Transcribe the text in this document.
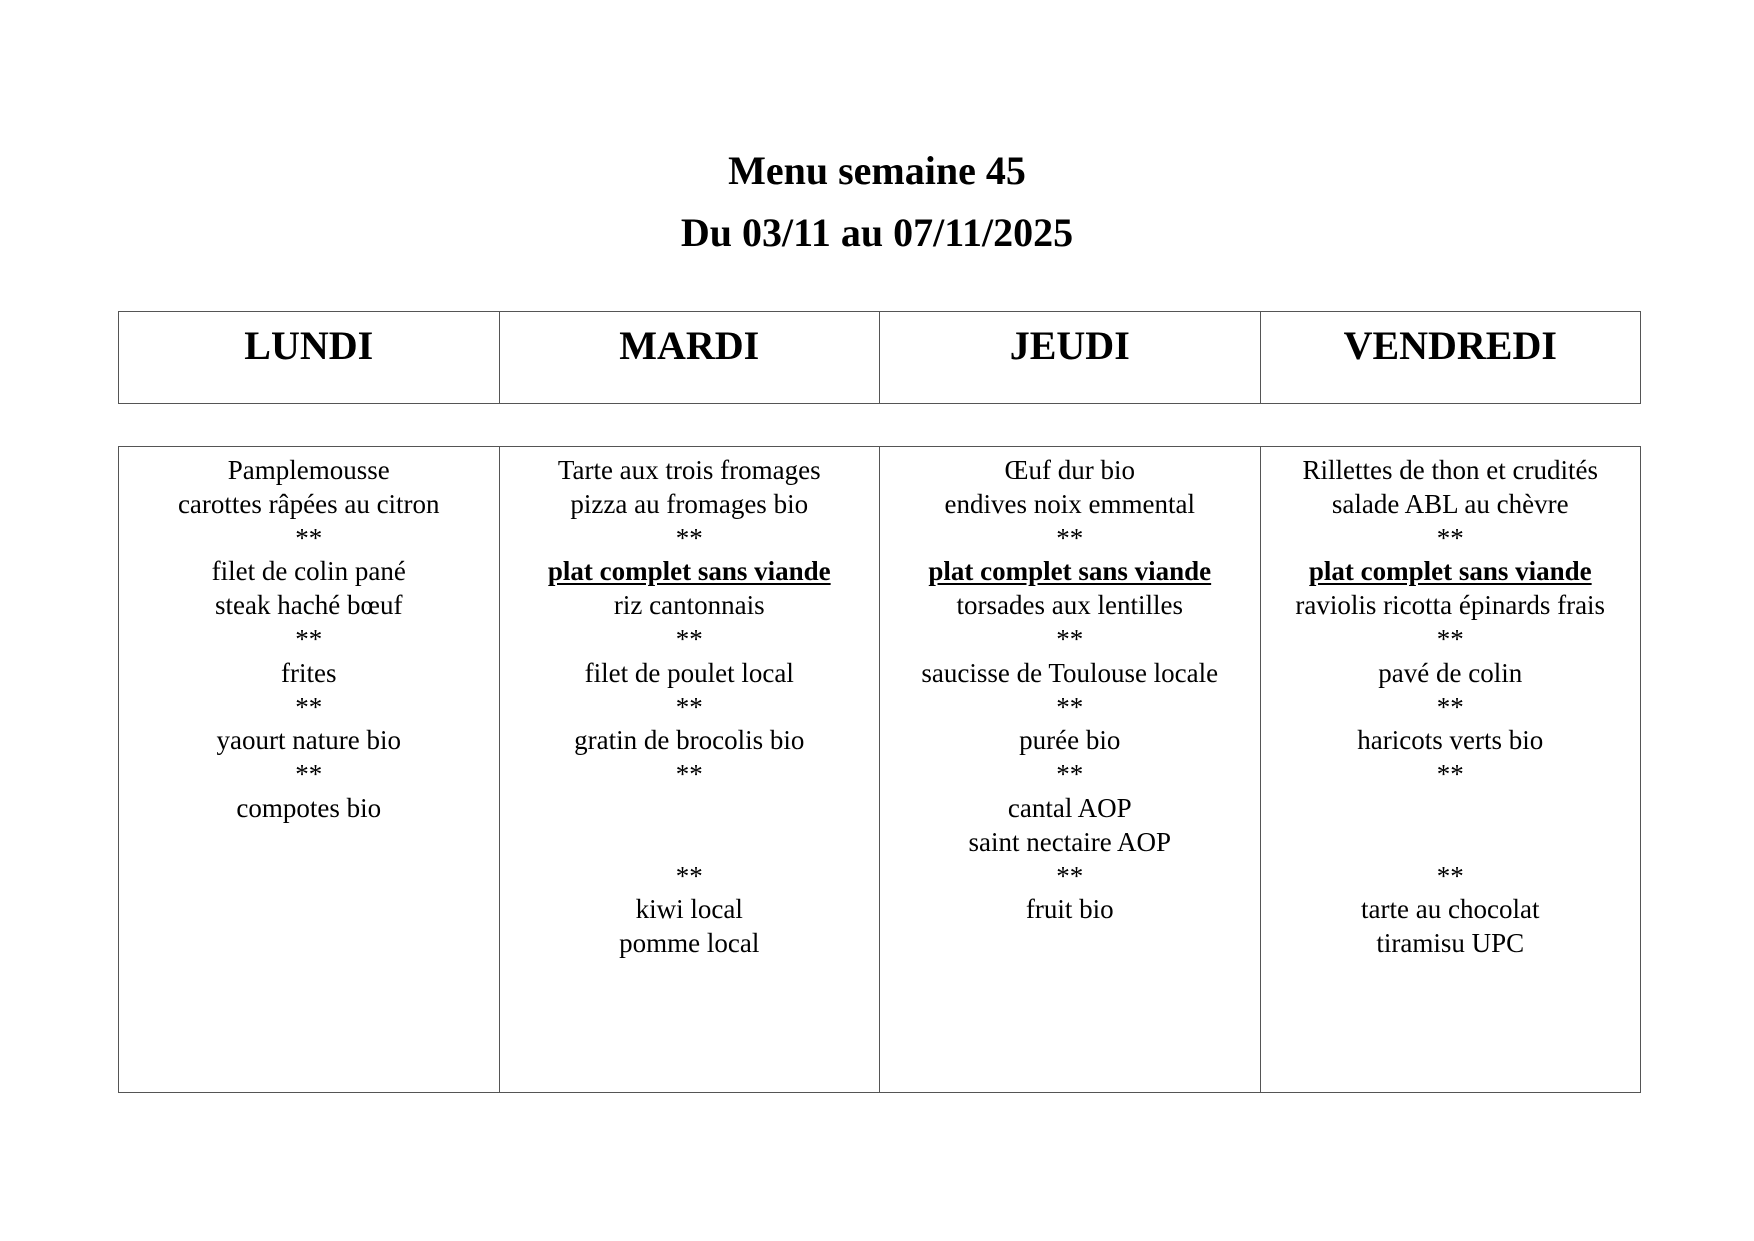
Menu semaine 45
Du 03/11 au 07/11/2025
LUNDI	MARDI	JEUDI	VENDREDI
Pamplemousse
carottes râpées au citron
**
filet de colin pané
steak haché bœuf
**
frites
**
yaourt nature bio
**
compotes bio

Tarte aux trois fromages
pizza au fromages bio
**
plat complet sans viande
riz cantonnais
**
filet de poulet local
**
gratin de brocolis bio
**
**
kiwi local
pomme local

Œuf dur bio
endives noix emmental
**
plat complet sans viande
torsades aux lentilles
**
saucisse de Toulouse locale
**
purée bio
**
cantal AOP
saint nectaire AOP
**
fruit bio

Rillettes de thon et crudités
salade ABL au chèvre
**
plat complet sans viande
raviolis ricotta épinards frais
**
pavé de colin
**
haricots verts bio
**
**
tarte au chocolat
tiramisu UPC
